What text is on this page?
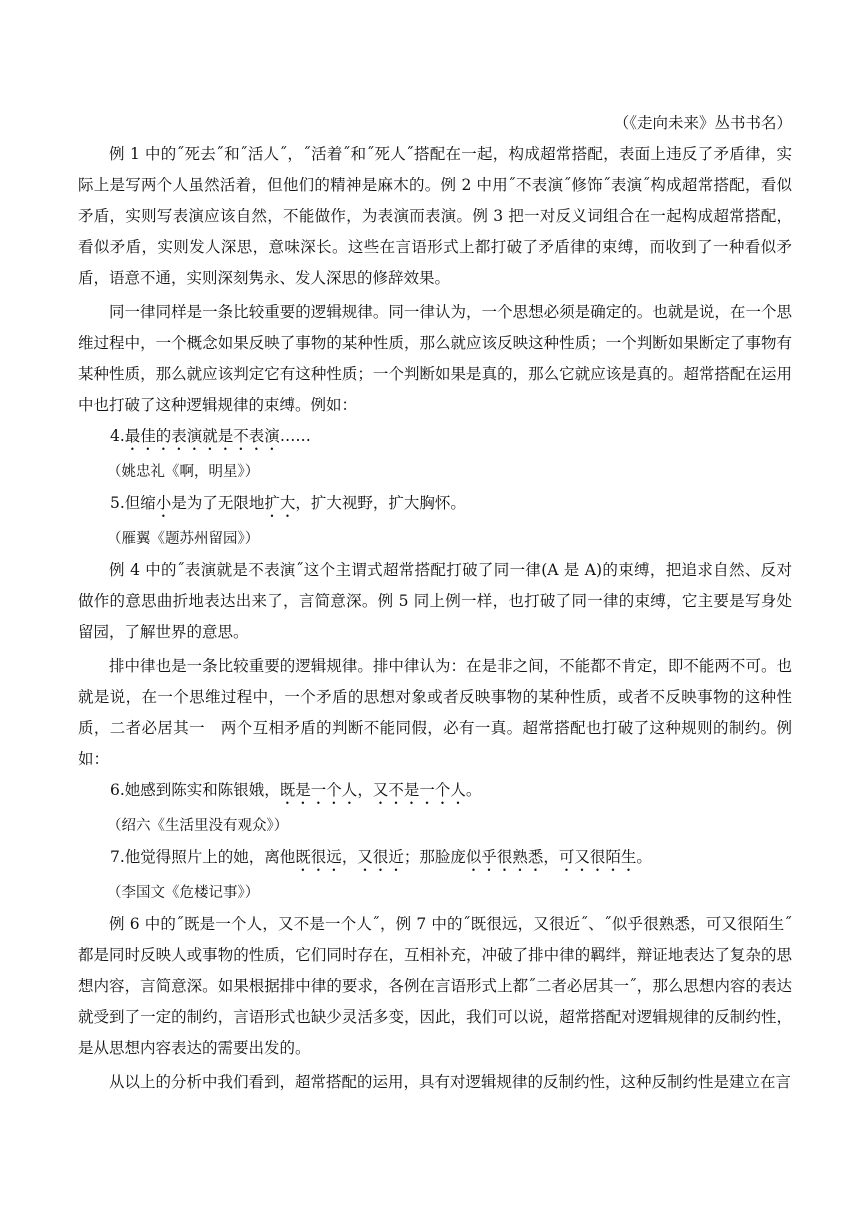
（《走向未来》丛书书名）

例 1 中的˝死去˝和˝活人˝，˝活着˝和˝死人˝搭配在一起，构成超常搭配，表面上违反了矛盾律，实际上是写两个人虽然活着，但他们的精神是麻木的。例 2 中用˝不表演˝修饰˝表演˝构成超常搭配，看似矛盾，实则写表演应该自然，不能做作，为表演而表演。例 3 把一对反义词组合在一起构成超常搭配，看似矛盾，实则发人深思，意味深长。这些在言语形式上都打破了矛盾律的束缚，而收到了一种看似矛盾，语意不通，实则深刻隽永、发人深思的修辞效果。

同一律同样是一条比较重要的逻辑规律。同一律认为，一个思想必须是确定的。也就是说，在一个思维过程中，一个概念如果反映了事物的某种性质，那么就应该反映这种性质；一个判断如果断定了事物有某种性质，那么就应该判定它有这种性质；一个判断如果是真的，那么它就应该是真的。超常搭配在运用中也打破了这种逻辑规律的束缚。例如：

4.最佳的表演就是不表演……

（姚忠礼《啊，明星》）

5.但缩小是为了无限地扩大，扩大视野，扩大胸怀。

（雁翼《题苏州留园》）

例 4 中的˝表演就是不表演˝这个主谓式超常搭配打破了同一律(A 是 A)的束缚，把追求自然、反对做作的意思曲折地表达出来了，言简意深。例 5 同上例一样，也打破了同一律的束缚，它主要是写身处留园，了解世界的意思。

排中律也是一条比较重要的逻辑规律。排中律认为：在是非之间，不能都不肯定，即不能两不可。也就是说，在一个思维过程中，一个矛盾的思想对象或者反映事物的某种性质，或者不反映事物的这种性质，二者必居其一　两个互相矛盾的判断不能同假，必有一真。超常搭配也打破了这种规则的制约。例如：

6.她感到陈实和陈银娥，既是一个人，又不是一个人。

（绍六《生活里没有观众》）

7.他觉得照片上的她，离他既很远，又很近；那脸庞似乎很熟悉，可又很陌生。

（李国文《危楼记事》）

例 6 中的˝既是一个人，又不是一个人˝，例 7 中的˝既很远，又很近˝、˝似乎很熟悉，可又很陌生˝都是同时反映人或事物的性质，它们同时存在，互相补充，冲破了排中律的羁绊，辩证地表达了复杂的思想内容，言简意深。如果根据排中律的要求，各例在言语形式上都˝二者必居其一˝，那么思想内容的表达就受到了一定的制约，言语形式也缺少灵活多变，因此，我们可以说，超常搭配对逻辑规律的反制约性，是从思想内容表达的需要出发的。

从以上的分析中我们看到，超常搭配的运用，具有对逻辑规律的反制约性，这种反制约性是建立在言
